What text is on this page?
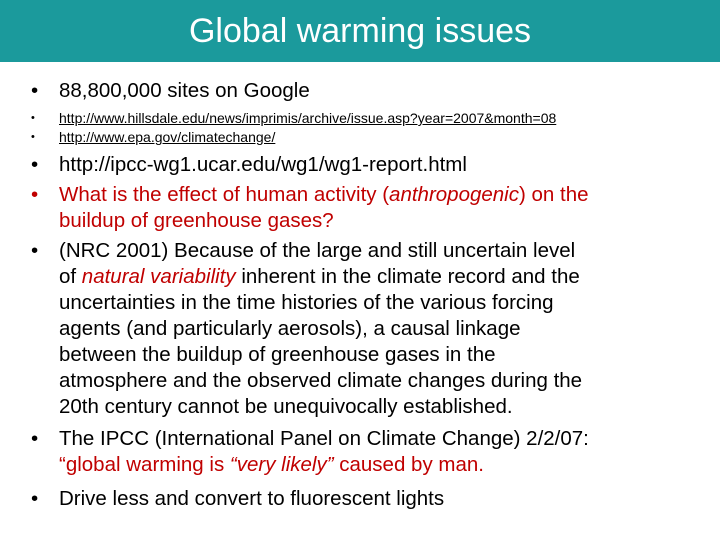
Global warming issues
• 88,800,000 sites on Google
• http://www.hillsdale.edu/news/imprimis/archive/issue.asp?year=2007&month=08
• http://www.epa.gov/climatechange/
• http://ipcc-wg1.ucar.edu/wg1/wg1-report.html
• What is the effect of human activity (anthropogenic) on the
buildup of greenhouse gases?
• (NRC 2001) Because of the large and still uncertain level
of natural variability inherent in the climate record and the
uncertainties in the time histories of the various forcing
agents (and particularly aerosols), a causal linkage
between the buildup of greenhouse gases in the
atmosphere and the observed climate changes during the
20th century cannot be unequivocally established.
• The IPCC (International Panel on Climate Change) 2/2/07:
“global warming is “very likely” caused by man.
• Drive less and convert to fluorescent lights
